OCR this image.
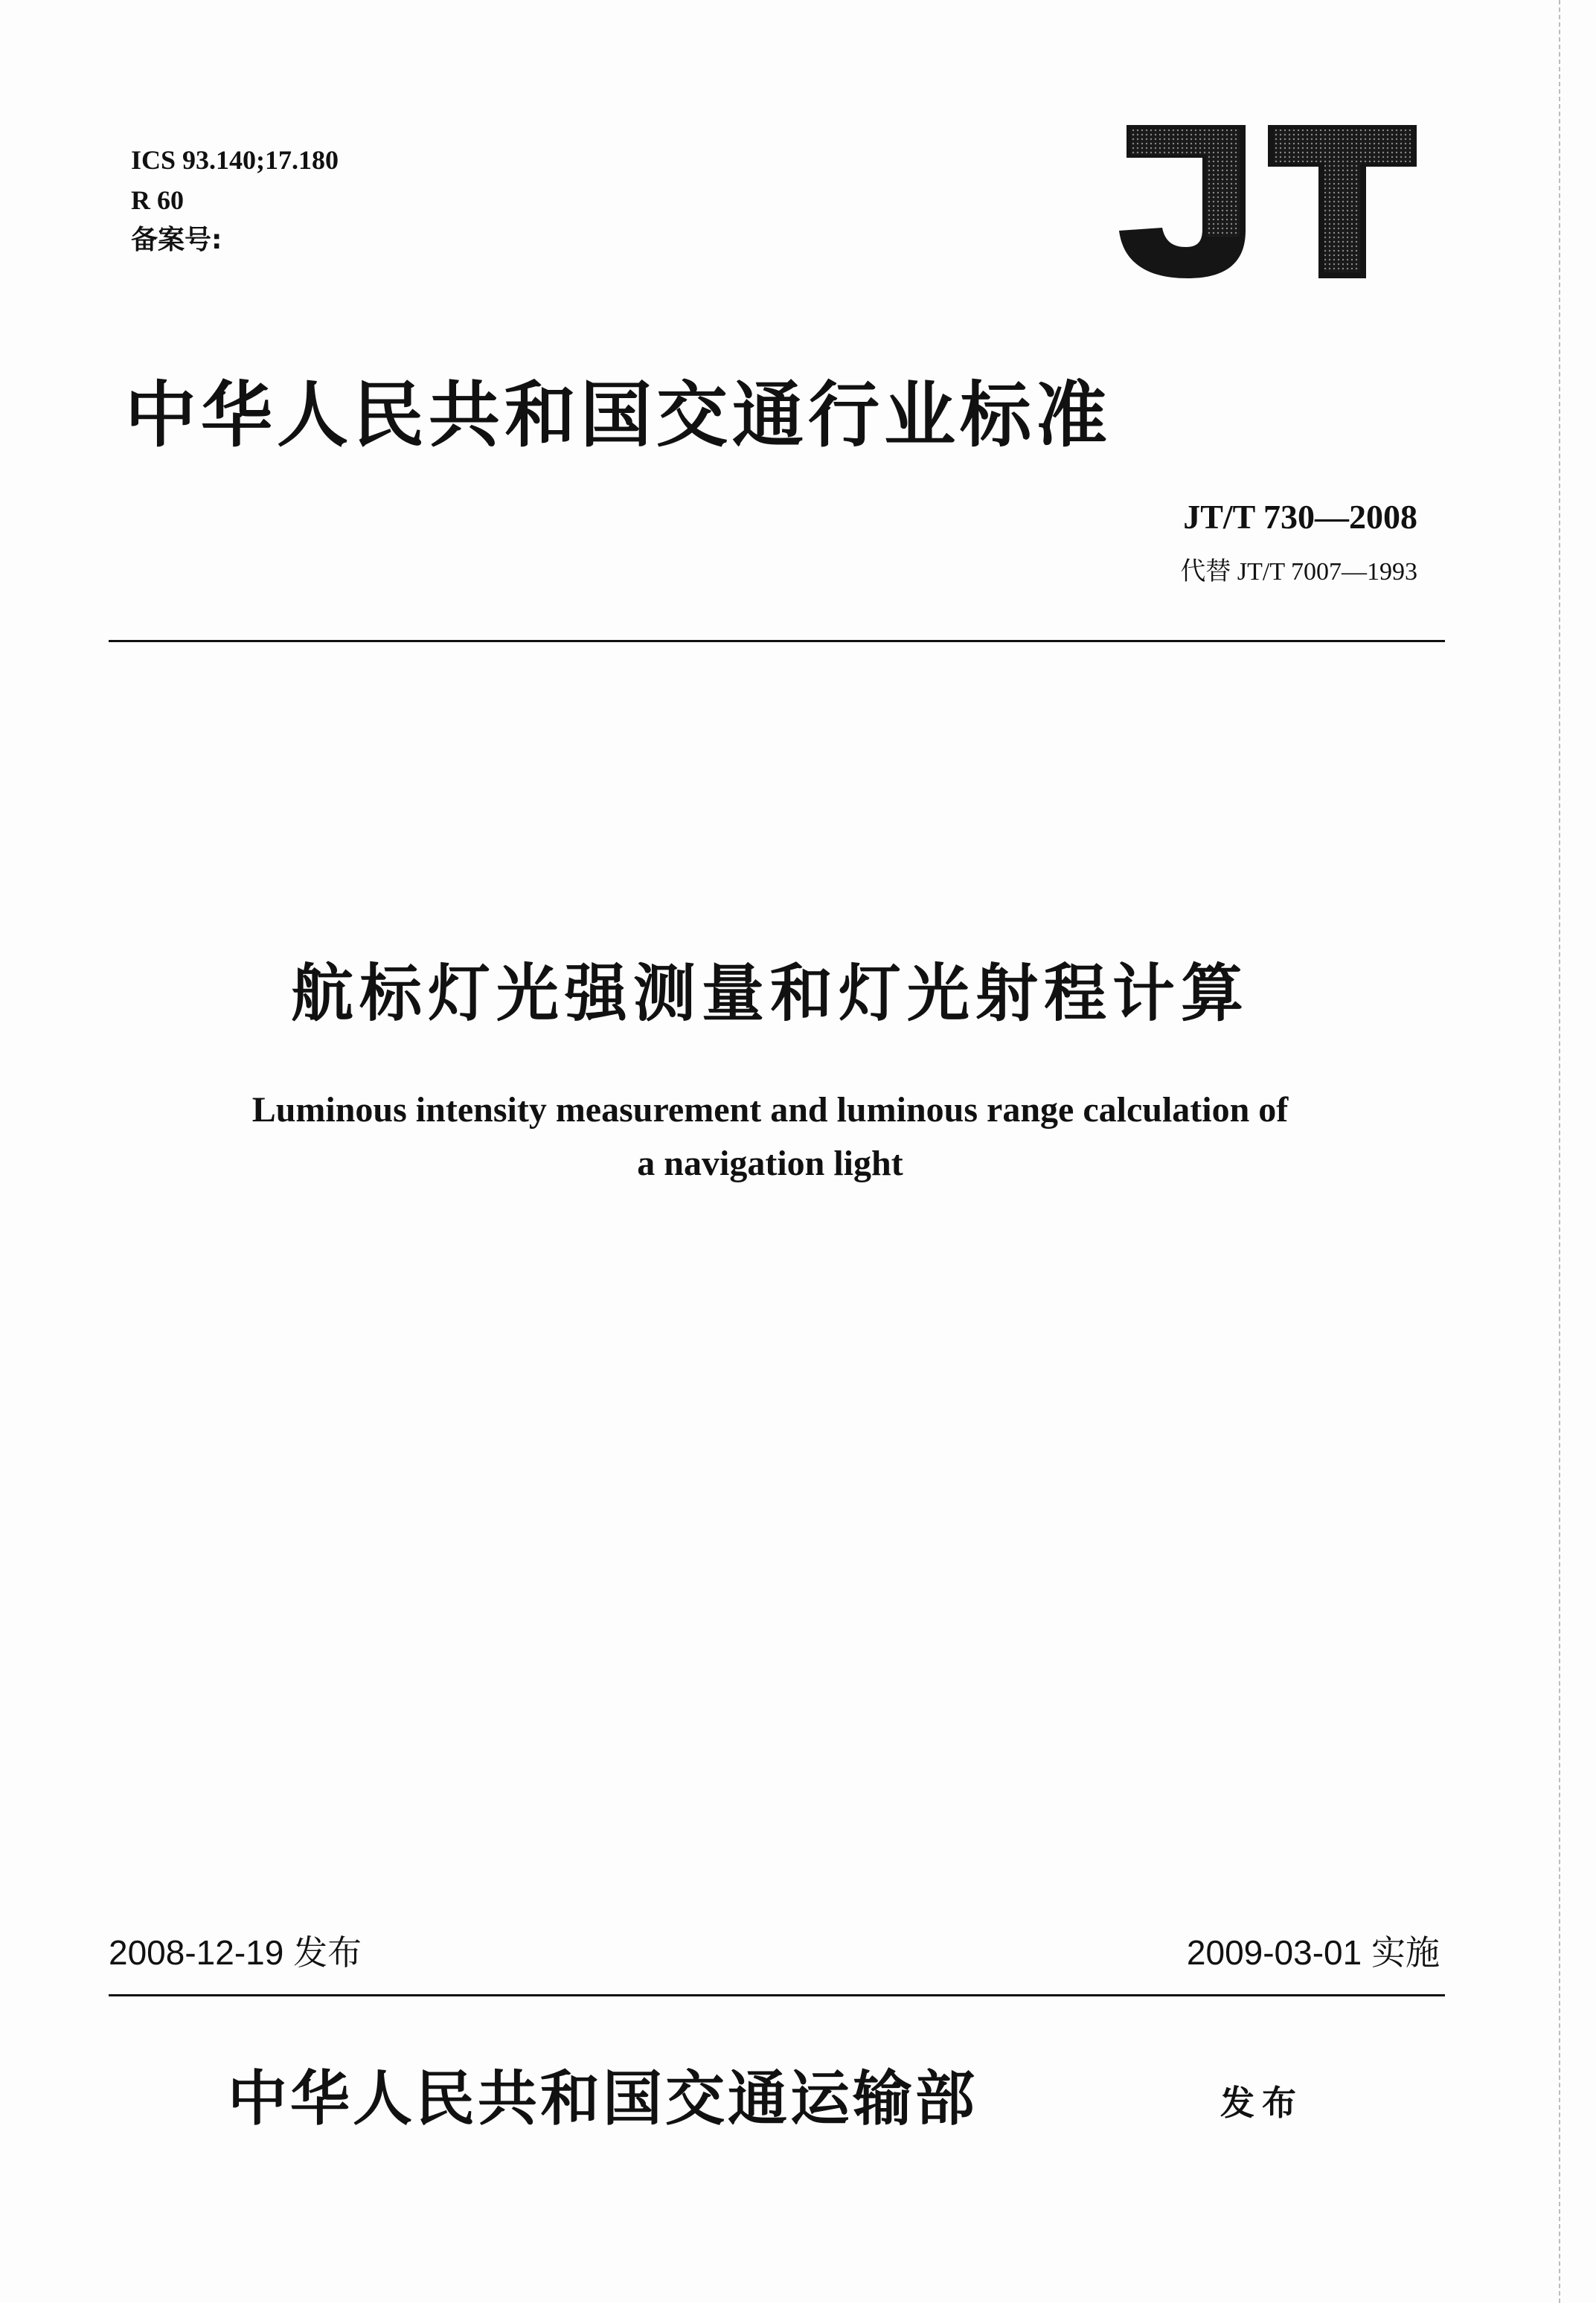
ICS 93.140;17.180
R 60
备案号:
JT
中华人民共和国交通行业标准
JT/T 730—2008
代替 JT/T 7007—1993
航标灯光强测量和灯光射程计算
Luminous intensity measurement and luminous range calculation of
a navigation light
2008-12-19 发布	2009-03-01 实施
中华人民共和国交通运输部	发布
